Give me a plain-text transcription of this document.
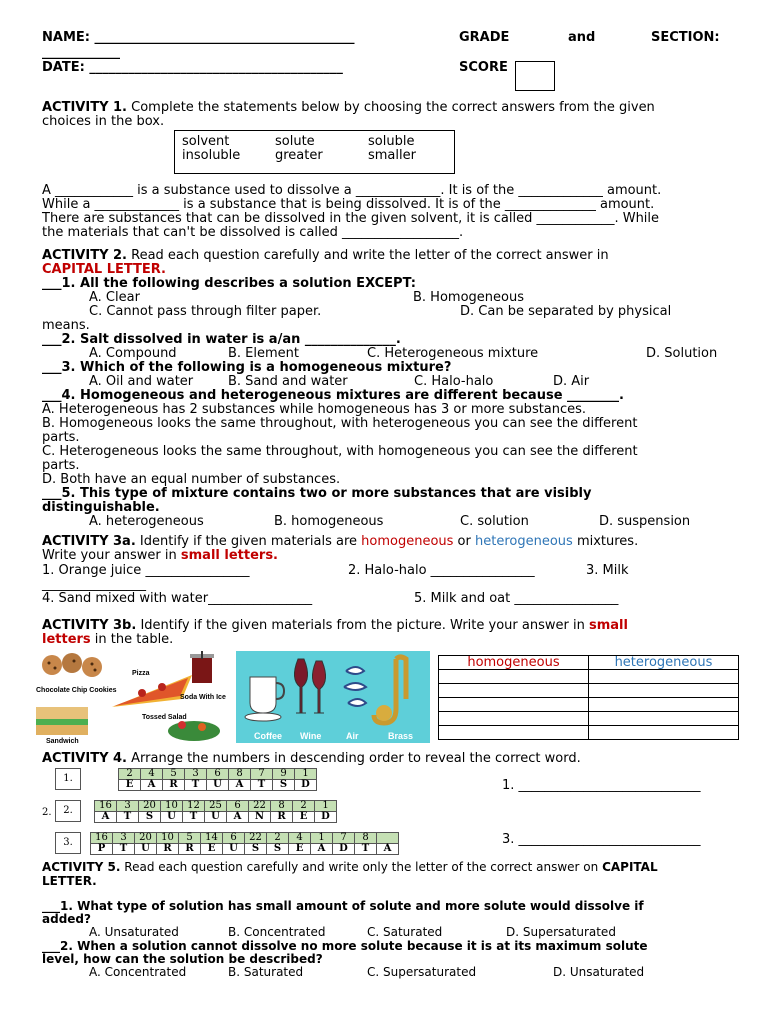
NAME: ________________________________________
____________
DATE: _______________________________________
GRADE	and	SECTION:
SCORE
ACTIVITY 1. Complete the statements below by choosing the correct answers from the given
choices in the box.
solvent	solute	soluble
insoluble	greater	smaller
A ____________ is a substance used to dissolve a _____________. It is of the _____________ amount.
While a _____________ is a substance that is being dissolved. It is of the ______________ amount.
There are substances that can be dissolved in the given solvent, it is called ____________. While
the materials that can't be dissolved is called __________________.
ACTIVITY 2. Read each question carefully and write the letter of the correct answer in
CAPITAL LETTER.
___1. All the following describes a solution EXCEPT:
A. Clear	B. Homogeneous
C. Cannot pass through filter paper.	D. Can be separated by physical
means.
___2. Salt dissolved in water is a/an ______________.
A. Compound	B. Element	C. Heterogeneous mixture	D. Solution
___3. Which of the following is a homogeneous mixture?
A. Oil and water	B. Sand and water	C. Halo-halo	D. Air
___4. Homogeneous and heterogeneous mixtures are different because ________.
A. Heterogeneous has 2 substances while homogeneous has 3 or more substances.
B. Homogeneous looks the same throughout, with heterogeneous you can see the different
parts.
C. Heterogeneous looks the same throughout, with homogeneous you can see the different
parts.
D. Both have an equal number of substances.
___5. This type of mixture contains two or more substances that are visibly
distinguishable.
A. heterogeneous	B. homogeneous	C. solution	D. suspension
ACTIVITY 3a. Identify if the given materials are homogeneous or heterogeneous mixtures.
Write your answer in small letters.
1. Orange juice ________________	2. Halo-halo ________________	3. Milk
________________
4. Sand mixed with water________________	5. Milk and oat ________________
ACTIVITY 3b. Identify if the given materials from the picture. Write your answer in small
letters in the table.
Pizza
Chocolate Chip Cookies
Soda With Ice
Tossed Salad
Sandwich
Coffee Wine	Air	Brass
homogeneous	heterogeneous

ACTIVITY 4. Arrange the numbers in descending order to reveal the correct word.
1.	2	4	5	3	6	8	7	9	1
E	A	R	T	U	A	T	S	D	1. ____________________________
2.	2.	16	3	20	10	12	25	6	22	8	2	1
A	T	S	U	T	U	A	N	R	E	D
3.	16	3	20	10	5	14	6	22	2	4	1	7	8	
P	T	U	R	R	E	U	S	S	E	A	D	T	A
3. ____________________________
ACTIVITY 5. Read each question carefully and write only the letter of the correct answer on CAPITAL
LETTER.
___1. What type of solution has small amount of solute and more solute would dissolve if
added?
A. Unsaturated	B. Concentrated	C. Saturated	D. Supersaturated
___2. When a solution cannot dissolve no more solute because it is at its maximum solute
level, how can the solution be described?
A. Concentrated	B. Saturated	C. Supersaturated	D. Unsaturated
